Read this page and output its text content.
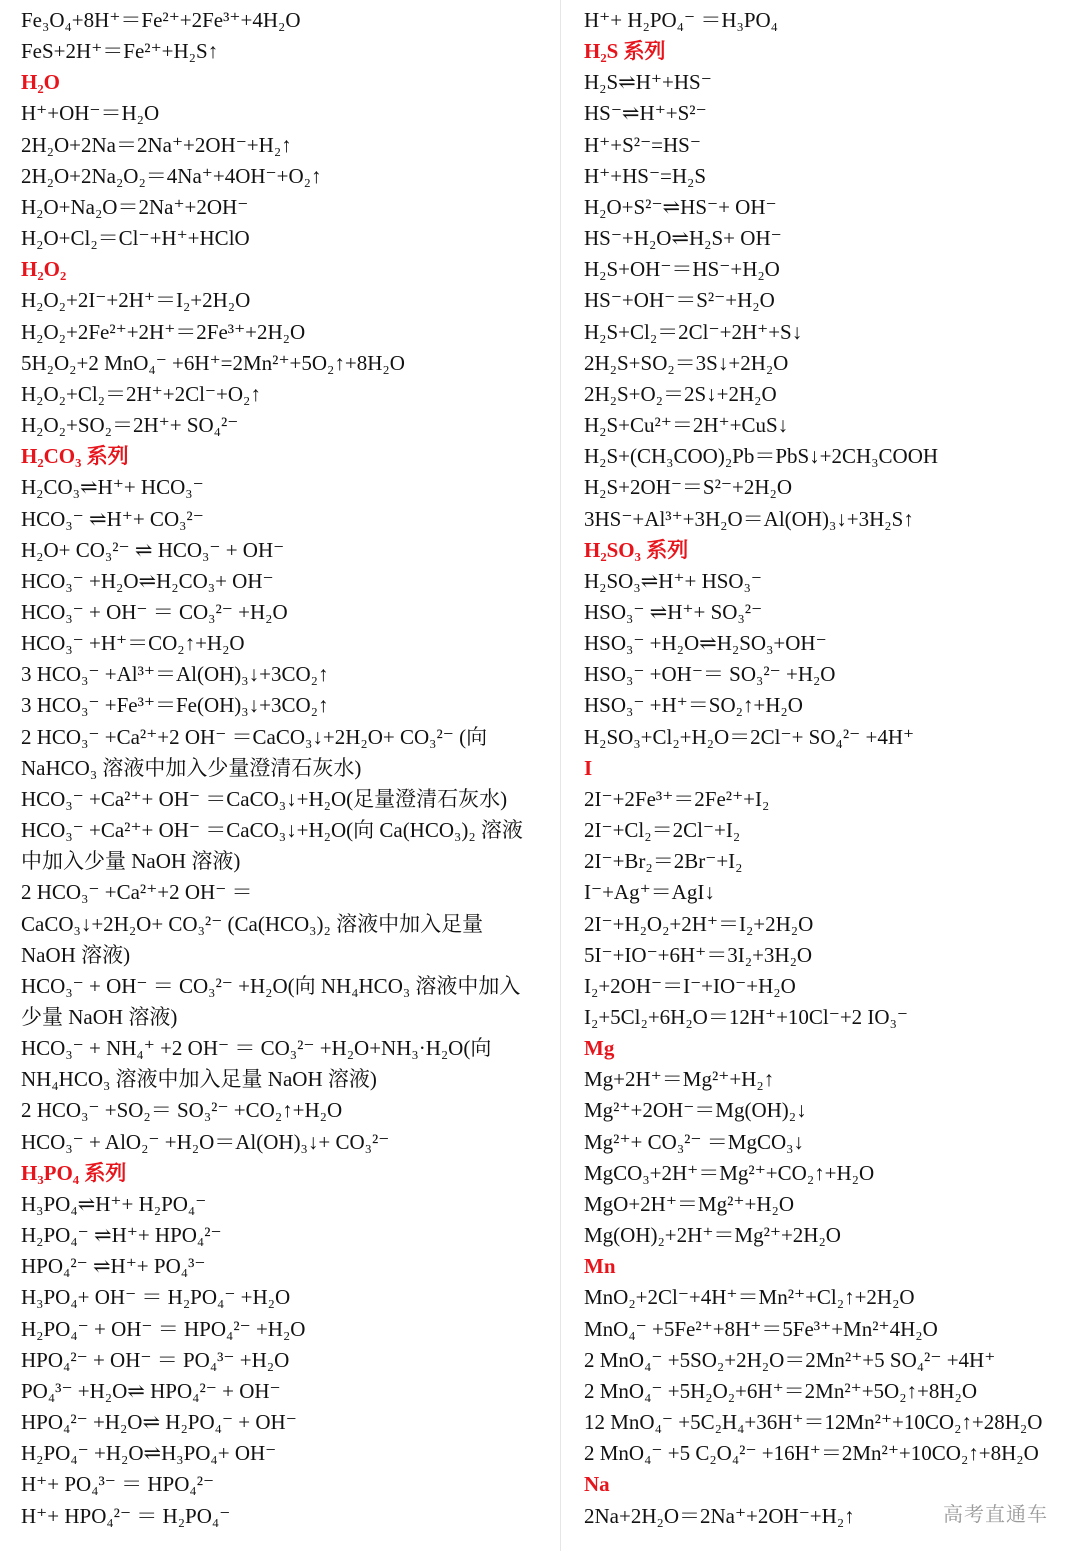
Fe₃O₄+8H⁺＝Fe²⁺+2Fe³⁺+4H₂O
FeS+2H⁺＝Fe²⁺+H₂S↑
H₂O
H⁺+OH⁻＝H₂O
2H₂O+2Na＝2Na⁺+2OH⁻+H₂↑
2H₂O+2Na₂O₂＝4Na⁺+4OH⁻+O₂↑
H₂O+Na₂O＝2Na⁺+2OH⁻
H₂O+Cl₂＝Cl⁻+H⁺+HClO
H₂O₂
H₂O₂+2I⁻+2H⁺＝I₂+2H₂O
H₂O₂+2Fe²⁺+2H⁺＝2Fe³⁺+2H₂O
5H₂O₂+2 MnO₄⁻ +6H⁺=2Mn²⁺+5O₂↑+8H₂O
H₂O₂+Cl₂＝2H⁺+2Cl⁻+O₂↑
H₂O₂+SO₂＝2H⁺+ SO₄²⁻
H₂CO₃ 系列
H₂CO₃⇌H⁺+ HCO₃⁻
HCO₃⁻ ⇌H⁺+ CO₃²⁻
H₂O+ CO₃²⁻ ⇌ HCO₃⁻ + OH⁻
HCO₃⁻ +H₂O⇌H₂CO₃+ OH⁻
HCO₃⁻ + OH⁻ ＝ CO₃²⁻ +H₂O
HCO₃⁻ +H⁺＝CO₂↑+H₂O
3 HCO₃⁻ +Al³⁺＝Al(OH)₃↓+3CO₂↑
3 HCO₃⁻ +Fe³⁺＝Fe(OH)₃↓+3CO₂↑
2 HCO₃⁻ +Ca²⁺+2 OH⁻ ＝CaCO₃↓+2H₂O+ CO₃²⁻ (向
NaHCO₃ 溶液中加入少量澄清石灰水)
HCO₃⁻ +Ca²⁺+ OH⁻ ＝CaCO₃↓+H₂O(足量澄清石灰水)
HCO₃⁻ +Ca²⁺+ OH⁻ ＝CaCO₃↓+H₂O(向 Ca(HCO₃)₂ 溶液
中加入少量 NaOH 溶液)
2 HCO₃⁻ +Ca²⁺+2 OH⁻ ＝
CaCO₃↓+2H₂O+ CO₃²⁻ (Ca(HCO₃)₂ 溶液中加入足量
NaOH 溶液)
HCO₃⁻ + OH⁻ ＝ CO₃²⁻ +H₂O(向 NH₄HCO₃ 溶液中加入
少量 NaOH 溶液)
HCO₃⁻ + NH₄⁺ +2 OH⁻ ＝ CO₃²⁻ +H₂O+NH₃·H₂O(向
NH₄HCO₃ 溶液中加入足量 NaOH 溶液)
2 HCO₃⁻ +SO₂＝ SO₃²⁻ +CO₂↑+H₂O
HCO₃⁻ + AlO₂⁻ +H₂O＝Al(OH)₃↓+ CO₃²⁻
H₃PO₄ 系列
H₃PO₄⇌H⁺+ H₂PO₄⁻
H₂PO₄⁻ ⇌H⁺+ HPO₄²⁻
HPO₄²⁻ ⇌H⁺+ PO₄³⁻
H₃PO₄+ OH⁻ ＝ H₂PO₄⁻ +H₂O
H₂PO₄⁻ + OH⁻ ＝ HPO₄²⁻ +H₂O
HPO₄²⁻ + OH⁻ ＝ PO₄³⁻ +H₂O
PO₄³⁻ +H₂O⇌ HPO₄²⁻ + OH⁻
HPO₄²⁻ +H₂O⇌ H₂PO₄⁻ + OH⁻
H₂PO₄⁻ +H₂O⇌H₃PO₄+ OH⁻
H⁺+ PO₄³⁻ ＝ HPO₄²⁻
H⁺+ HPO₄²⁻ ＝ H₂PO₄⁻
H⁺+ H₂PO₄⁻ ＝H₃PO₄
H₂S 系列
H₂S⇌H⁺+HS⁻
HS⁻⇌H⁺+S²⁻
H⁺+S²⁻=HS⁻
H⁺+HS⁻=H₂S
H₂O+S²⁻⇌HS⁻+ OH⁻
HS⁻+H₂O⇌H₂S+ OH⁻
H₂S+OH⁻＝HS⁻+H₂O
HS⁻+OH⁻＝S²⁻+H₂O
H₂S+Cl₂＝2Cl⁻+2H⁺+S↓
2H₂S+SO₂＝3S↓+2H₂O
2H₂S+O₂＝2S↓+2H₂O
H₂S+Cu²⁺＝2H⁺+CuS↓
H₂S+(CH₃COO)₂Pb＝PbS↓+2CH₃COOH
H₂S+2OH⁻＝S²⁻+2H₂O
3HS⁻+Al³⁺+3H₂O＝Al(OH)₃↓+3H₂S↑
H₂SO₃ 系列
H₂SO₃⇌H⁺+ HSO₃⁻
HSO₃⁻ ⇌H⁺+ SO₃²⁻
HSO₃⁻ +H₂O⇌H₂SO₃+OH⁻
HSO₃⁻ +OH⁻＝ SO₃²⁻ +H₂O
HSO₃⁻ +H⁺＝SO₂↑+H₂O
H₂SO₃+Cl₂+H₂O＝2Cl⁻+ SO₄²⁻ +4H⁺
I
2I⁻+2Fe³⁺＝2Fe²⁺+I₂
2I⁻+Cl₂＝2Cl⁻+I₂
2I⁻+Br₂＝2Br⁻+I₂
I⁻+Ag⁺＝AgI↓
2I⁻+H₂O₂+2H⁺＝I₂+2H₂O
5I⁻+IO⁻+6H⁺＝3I₂+3H₂O
I₂+2OH⁻＝I⁻+IO⁻+H₂O
I₂+5Cl₂+6H₂O＝12H⁺+10Cl⁻+2 IO₃⁻
Mg
Mg+2H⁺＝Mg²⁺+H₂↑
Mg²⁺+2OH⁻＝Mg(OH)₂↓
Mg²⁺+ CO₃²⁻ ＝MgCO₃↓
MgCO₃+2H⁺＝Mg²⁺+CO₂↑+H₂O
MgO+2H⁺＝Mg²⁺+H₂O
Mg(OH)₂+2H⁺＝Mg²⁺+2H₂O
Mn
MnO₂+2Cl⁻+4H⁺＝Mn²⁺+Cl₂↑+2H₂O
MnO₄⁻ +5Fe²⁺+8H⁺＝5Fe³⁺+Mn²⁺4H₂O
2 MnO₄⁻ +5SO₂+2H₂O＝2Mn²⁺+5 SO₄²⁻ +4H⁺
2 MnO₄⁻ +5H₂O₂+6H⁺＝2Mn²⁺+5O₂↑+8H₂O
12 MnO₄⁻ +5C₂H₄+36H⁺＝12Mn²⁺+10CO₂↑+28H₂O
2 MnO₄⁻ +5 C₂O₄²⁻ +16H⁺＝2Mn²⁺+10CO₂↑+8H₂O
Na
2Na+2H₂O＝2Na⁺+2OH⁻+H₂↑	高考直通车
